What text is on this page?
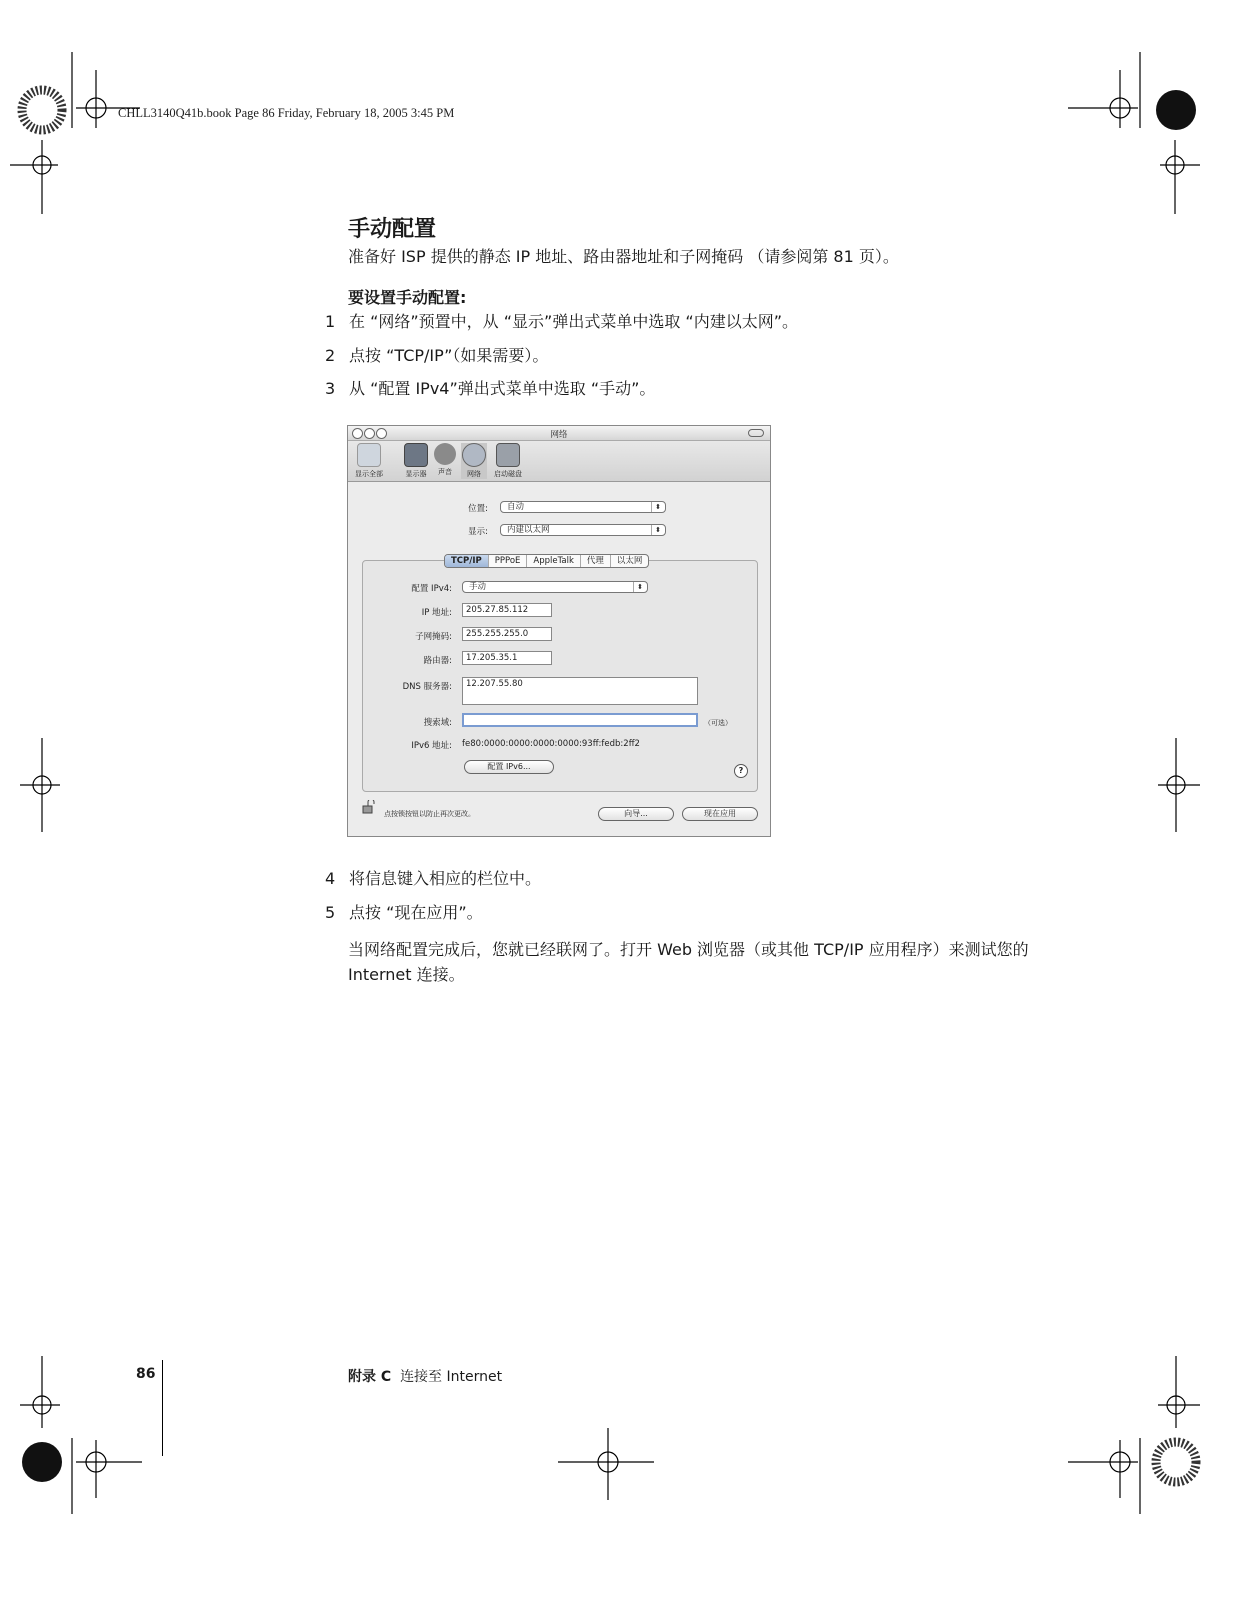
CHLL3140Q41b.book Page 86 Friday, February 18, 2005 3:45 PM
手动配置
准备好 ISP 提供的静态 IP 地址、路由器地址和子网掩码 （请参阅第 81 页）。
要设置手动配置:
1 在 “网络”预置中，从 “显示”弹出式菜单中选取 “内建以太网”。
2 点按 “TCP/IP”（如果需要）。
3 从 “配置 IPv4”弹出式菜单中选取 “手动”。
网络
显示全部	显示器	声音	网络	启动磁盘
位置:	自动	⬍
显示:	内建以太网	⬍
TCP/IP	PPPoE	AppleTalk	代理	以太网
配置 IPv4:	手动	⬍
IP 地址:	205.27.85.112
子网掩码:	255.255.255.0
路由器:	17.205.35.1
DNS 服务器:	12.207.55.80
搜索域:	（可选）
IPv6 地址: fe80:0000:0000:0000:0000:93ff:fedb:2ff2
配置 IPv6...	?
点按锁按钮以防止再次更改。	向导...	现在应用
4 将信息键入相应的栏位中。
5 点按 “现在应用”。
当网络配置完成后，您就已经联网了。打开 Web 浏览器（或其他 TCP/IP 应用程序）来测试您的 Internet 连接。
86	附录 C 连接至 Internet
